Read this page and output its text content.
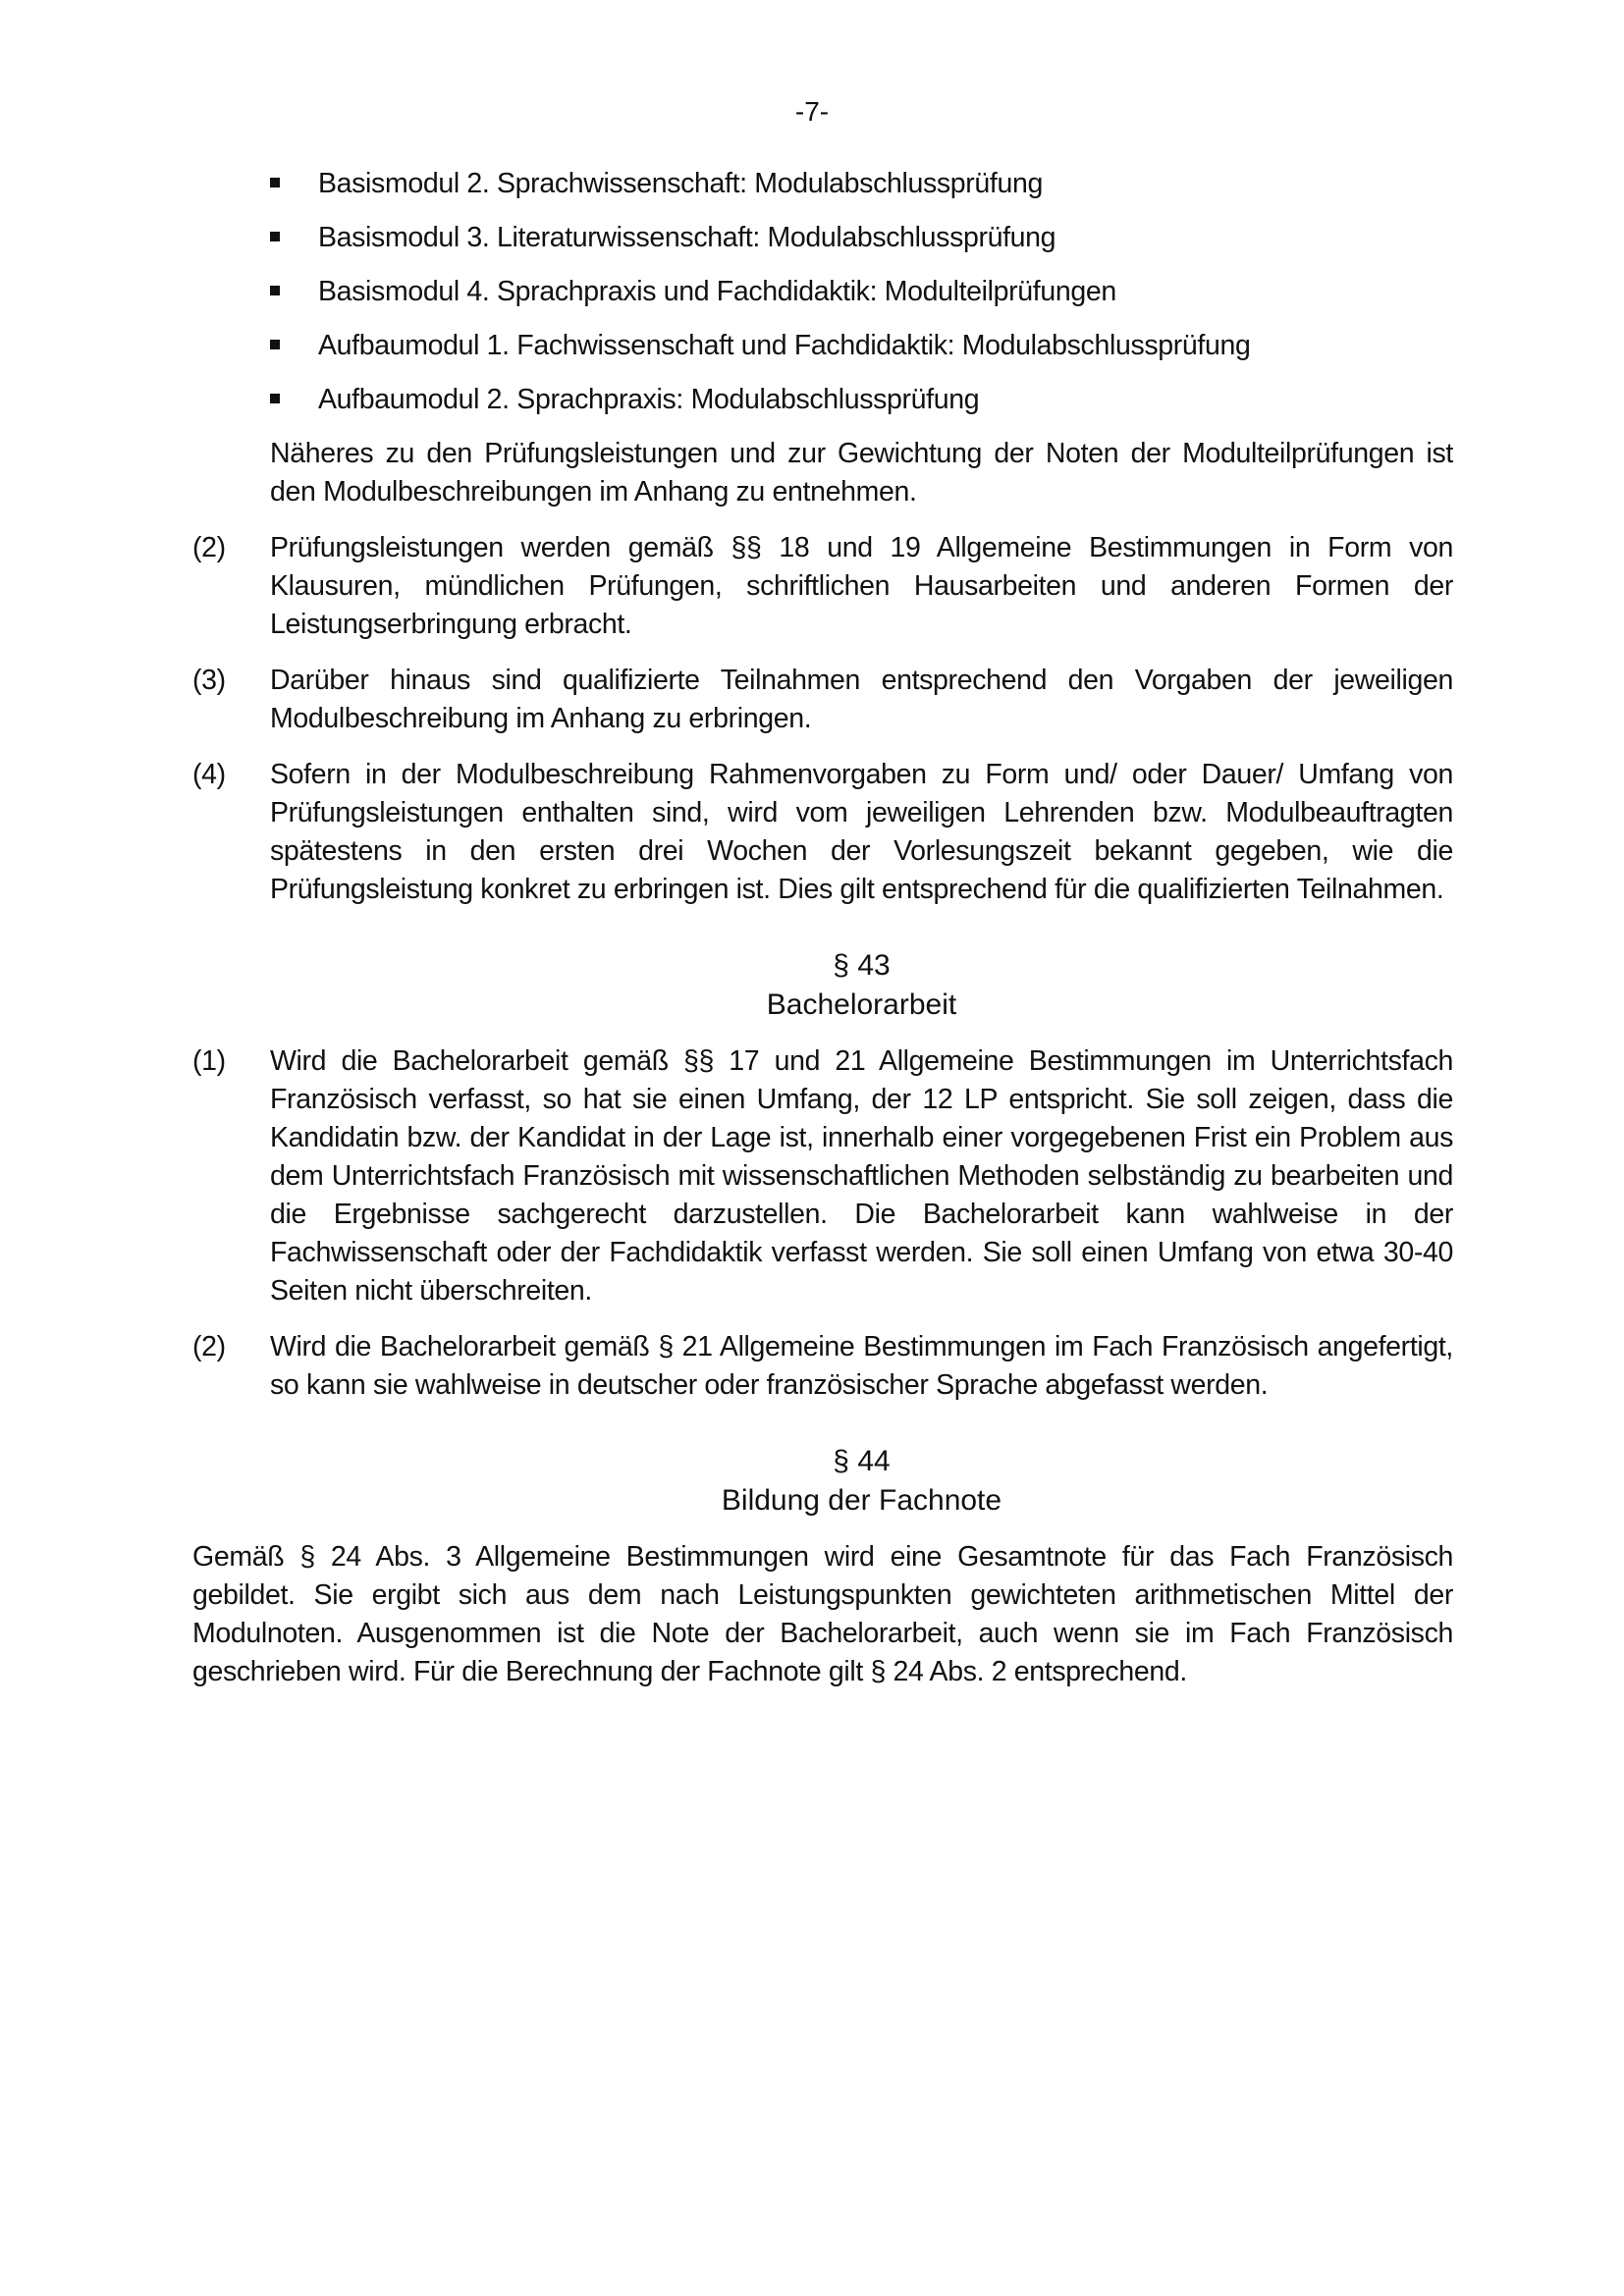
-7-
Basismodul 2. Sprachwissenschaft: Modulabschlussprüfung
Basismodul 3. Literaturwissenschaft: Modulabschlussprüfung
Basismodul 4. Sprachpraxis und Fachdidaktik: Modulteilprüfungen
Aufbaumodul 1. Fachwissenschaft und Fachdidaktik: Modulabschlussprüfung
Aufbaumodul 2. Sprachpraxis: Modulabschlussprüfung

Näheres zu den Prüfungsleistungen und zur Gewichtung der Noten der Modulteilprüfungen ist den Modulbeschreibungen im Anhang zu entnehmen.

(2) Prüfungsleistungen werden gemäß §§ 18 und 19 Allgemeine Bestimmungen in Form von Klausuren, mündlichen Prüfungen, schriftlichen Hausarbeiten und anderen Formen der Leistungserbringung erbracht.
(3) Darüber hinaus sind qualifizierte Teilnahmen entsprechend den Vorgaben der jeweiligen Modulbeschreibung im Anhang zu erbringen.
(4) Sofern in der Modulbeschreibung Rahmenvorgaben zu Form und/ oder Dauer/ Umfang von Prüfungsleistungen enthalten sind, wird vom jeweiligen Lehrenden bzw. Modulbeauftragten spätestens in den ersten drei Wochen der Vorlesungszeit bekannt gegeben, wie die Prüfungsleistung konkret zu erbringen ist. Dies gilt entsprechend für die qualifizierten Teilnahmen.
§ 43
Bachelorarbeit
(1) Wird die Bachelorarbeit gemäß §§ 17 und 21 Allgemeine Bestimmungen im Unterrichtsfach Französisch verfasst, so hat sie einen Umfang, der 12 LP entspricht. Sie soll zeigen, dass die Kandidatin bzw. der Kandidat in der Lage ist, innerhalb einer vorgegebenen Frist ein Problem aus dem Unterrichtsfach Französisch mit wissenschaftlichen Methoden selbständig zu bearbeiten und die Ergebnisse sachgerecht darzustellen. Die Bachelorarbeit kann wahlweise in der Fachwissenschaft oder der Fachdidaktik verfasst werden. Sie soll einen Umfang von etwa 30-40 Seiten nicht überschreiten.
(2) Wird die Bachelorarbeit gemäß § 21 Allgemeine Bestimmungen im Fach Französisch angefertigt, so kann sie wahlweise in deutscher oder französischer Sprache abgefasst werden.
§ 44
Bildung der Fachnote

Gemäß § 24 Abs. 3 Allgemeine Bestimmungen wird eine Gesamtnote für das Fach Französisch gebildet. Sie ergibt sich aus dem nach Leistungspunkten gewichteten arithmetischen Mittel der Modulnoten. Ausgenommen ist die Note der Bachelorarbeit, auch wenn sie im Fach Französisch geschrieben wird. Für die Berechnung der Fachnote gilt § 24 Abs. 2 entsprechend.
